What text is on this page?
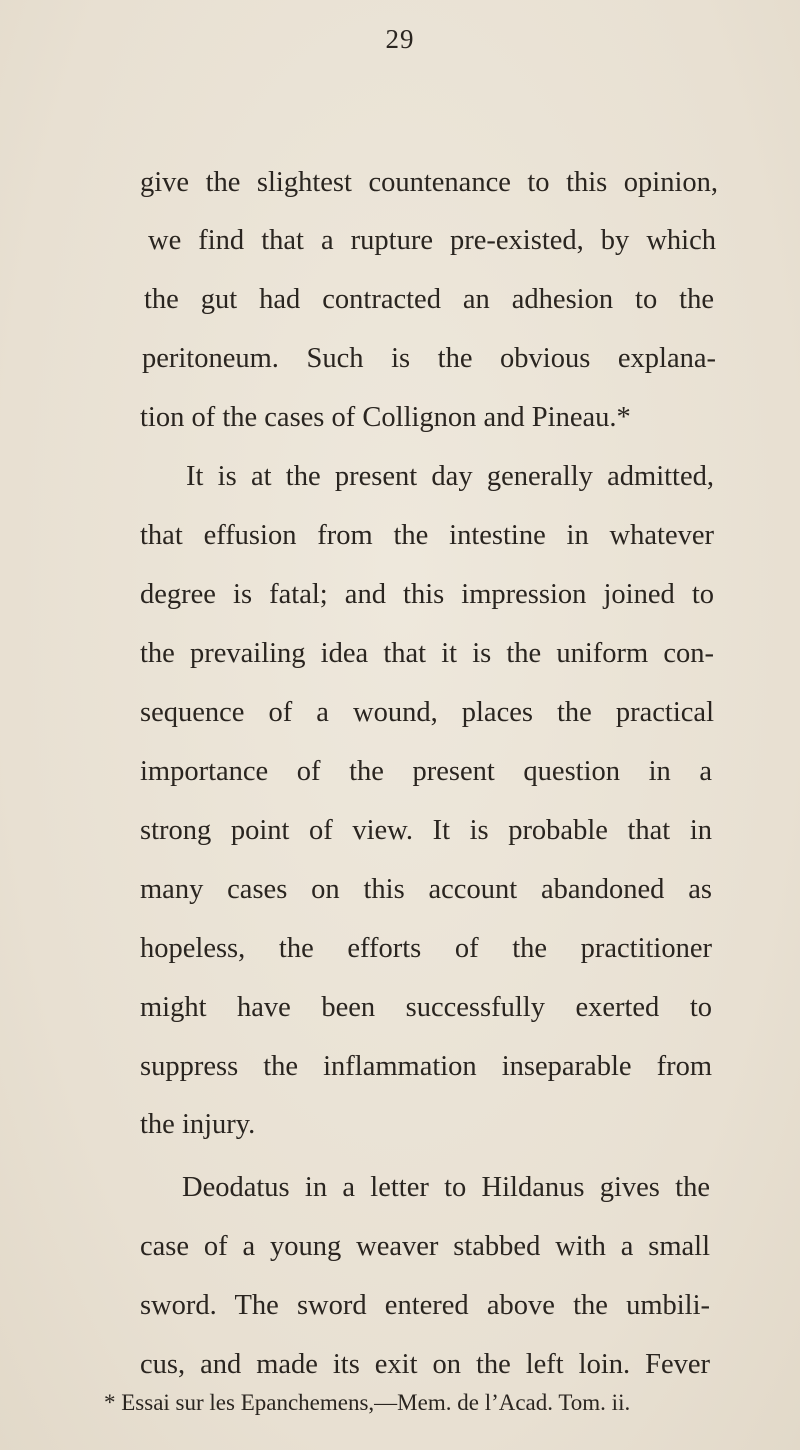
29
give the slightest countenance to this opinion,
we find that a rupture pre-existed, by which
the gut had contracted an adhesion to the
peritoneum. Such is the obvious explana-
tion of the cases of Collignon and Pineau.*
It is at the present day generally admitted,
that effusion from the intestine in whatever
degree is fatal; and this impression joined to
the prevailing idea that it is the uniform con-
sequence of a wound, places the practical
importance of the present question in a
strong point of view. It is probable that in
many cases on this account abandoned as
hopeless, the efforts of the practitioner
might have been successfully exerted to
suppress the inflammation inseparable from
the injury.
Deodatus in a letter to Hildanus gives the
case of a young weaver stabbed with a small
sword. The sword entered above the umbili-
cus, and made its exit on the left loin. Fever
* Essai sur les Epanchemens,—Mem. de l’Acad. Tom. ii.
